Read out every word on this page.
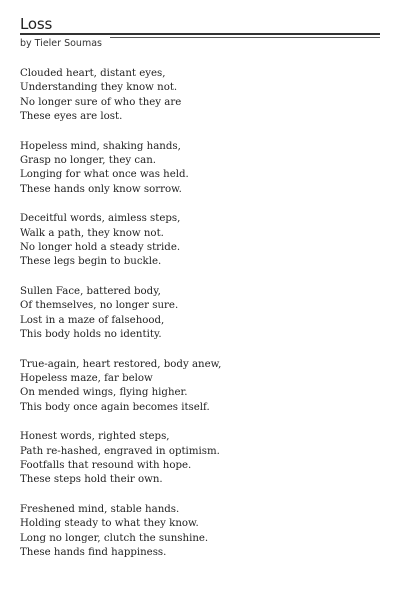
Loss
by Tieler Soumas
Clouded heart, distant eyes,
Understanding they know not.
No longer sure of who they are
These eyes are lost.
Hopeless mind, shaking hands,
Grasp no longer, they can.
Longing for what once was held.
These hands only know sorrow.
Deceitful words, aimless steps,
Walk a path, they know not.
No longer hold a steady stride.
These legs begin to buckle.
Sullen Face, battered body,
Of themselves, no longer sure.
Lost in a maze of falsehood,
This body holds no identity.
True-again, heart restored, body anew,
Hopeless maze, far below
On mended wings, flying higher.
This body once again becomes itself.
Honest words, righted steps,
Path re-hashed, engraved in optimism.
Footfalls that resound with hope.
These steps hold their own.
Freshened mind, stable hands.
Holding steady to what they know.
Long no longer, clutch the sunshine.
These hands find happiness.
